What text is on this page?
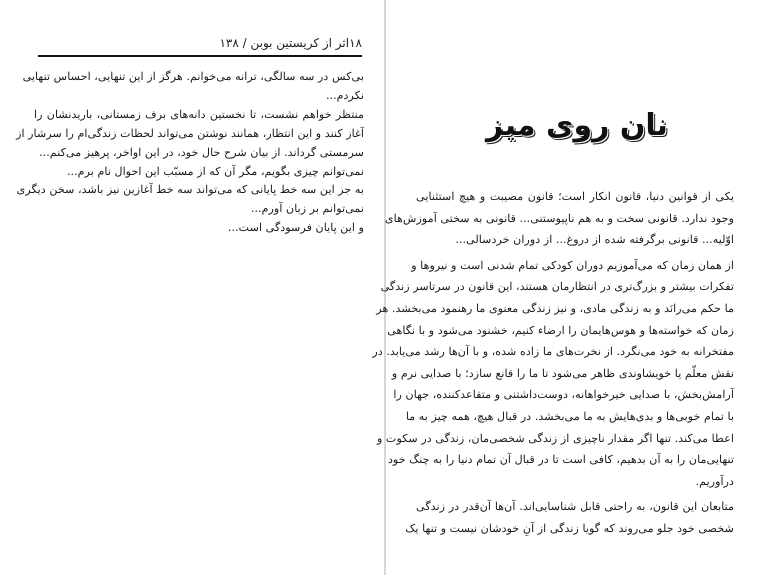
۱۸اثر از کریستین بوبن / ۱۳۸
بی‌کس در سه سالگی، ترانه می‌خوانم. هرگز از این تنهایی، احساس تنهایی
نکردم...
منتظر خواهم نشست، تا نخستین دانه‌های برف زمستانی، باریدنشان را
آغاز کنند و این انتظار، همانند نوشتن می‌تواند لحظات زندگی‌ام را سرشار از
سرمستی گرداند. از بیان شرح حال خود، در این اواخر، پرهیز می‌کنم...
نمی‌توانم چیزی بگویم، مگر آن که از مسبّب این احوال نام برم...
به جز این سه خط پایانی که می‌تواند سه خط آغازین نیز باشد، سخن دیگری
نمی‌توانم بر زبان آورم...
و این پایان فرسودگی است...
نان روی میز
یکی از قوانین دنیا، قانون انکار است؛ قانون مصیبت و هیچ استثنایی
وجود ندارد. قانونی سخت و به هم ناپیوستنی... قانونی به سختی آموزش‌های
اوّلیه... قانونی برگرفته شده از دروغ... از دوران خردسالی...
از همان زمان که می‌آموزیم دوران کودکی تمام شدنی است و نیروها و
تفکرات بیشتر و بزرگ‌تری در انتظارمان هستند، این قانون در سرتاسر زندگی
ما حکم می‌رانَد و به زندگی مادی، و نیز زندگی معنوی ما رهنمود می‌بخشد. هر
زمان که خواسته‌ها و هوس‌هایمان را ارضاء کنیم، خشنود می‌شود و با نگاهی
مفتخرانه به خود می‌نگرد. از نخرت‌های ما زاده شده، و با آن‌ها رشد می‌یابد. در
نقش معلّم یا خویشاوندی ظاهر می‌شود تا ما را قانع سازد؛ با صدایی نرم و
آرامش‌بخش، با صدایی خیرخواهانه، دوست‌داشتنی و متقاعدکننده، جهان را
با تمام خوبی‌ها و بدی‌هایش به ما می‌بخشد. در قبال هیچ، همه چیز به ما
اعطا می‌کند. تنها اگر مقدار ناچیزی از زندگی شخصی‌مان، زندگی در سکوت و
تنهایی‌مان را به آن بدهیم، کافی است تا در قبال آن تمام دنیا را به چنگ خود
درآوریم.
متابعان این قانون، به راحتی قابل شناسایی‌اند. آن‌ها آن‌قدر در زندگی
شخصی خود جلو می‌روند که گویا زندگی از آنِ خودشان نیست و تنها یک
